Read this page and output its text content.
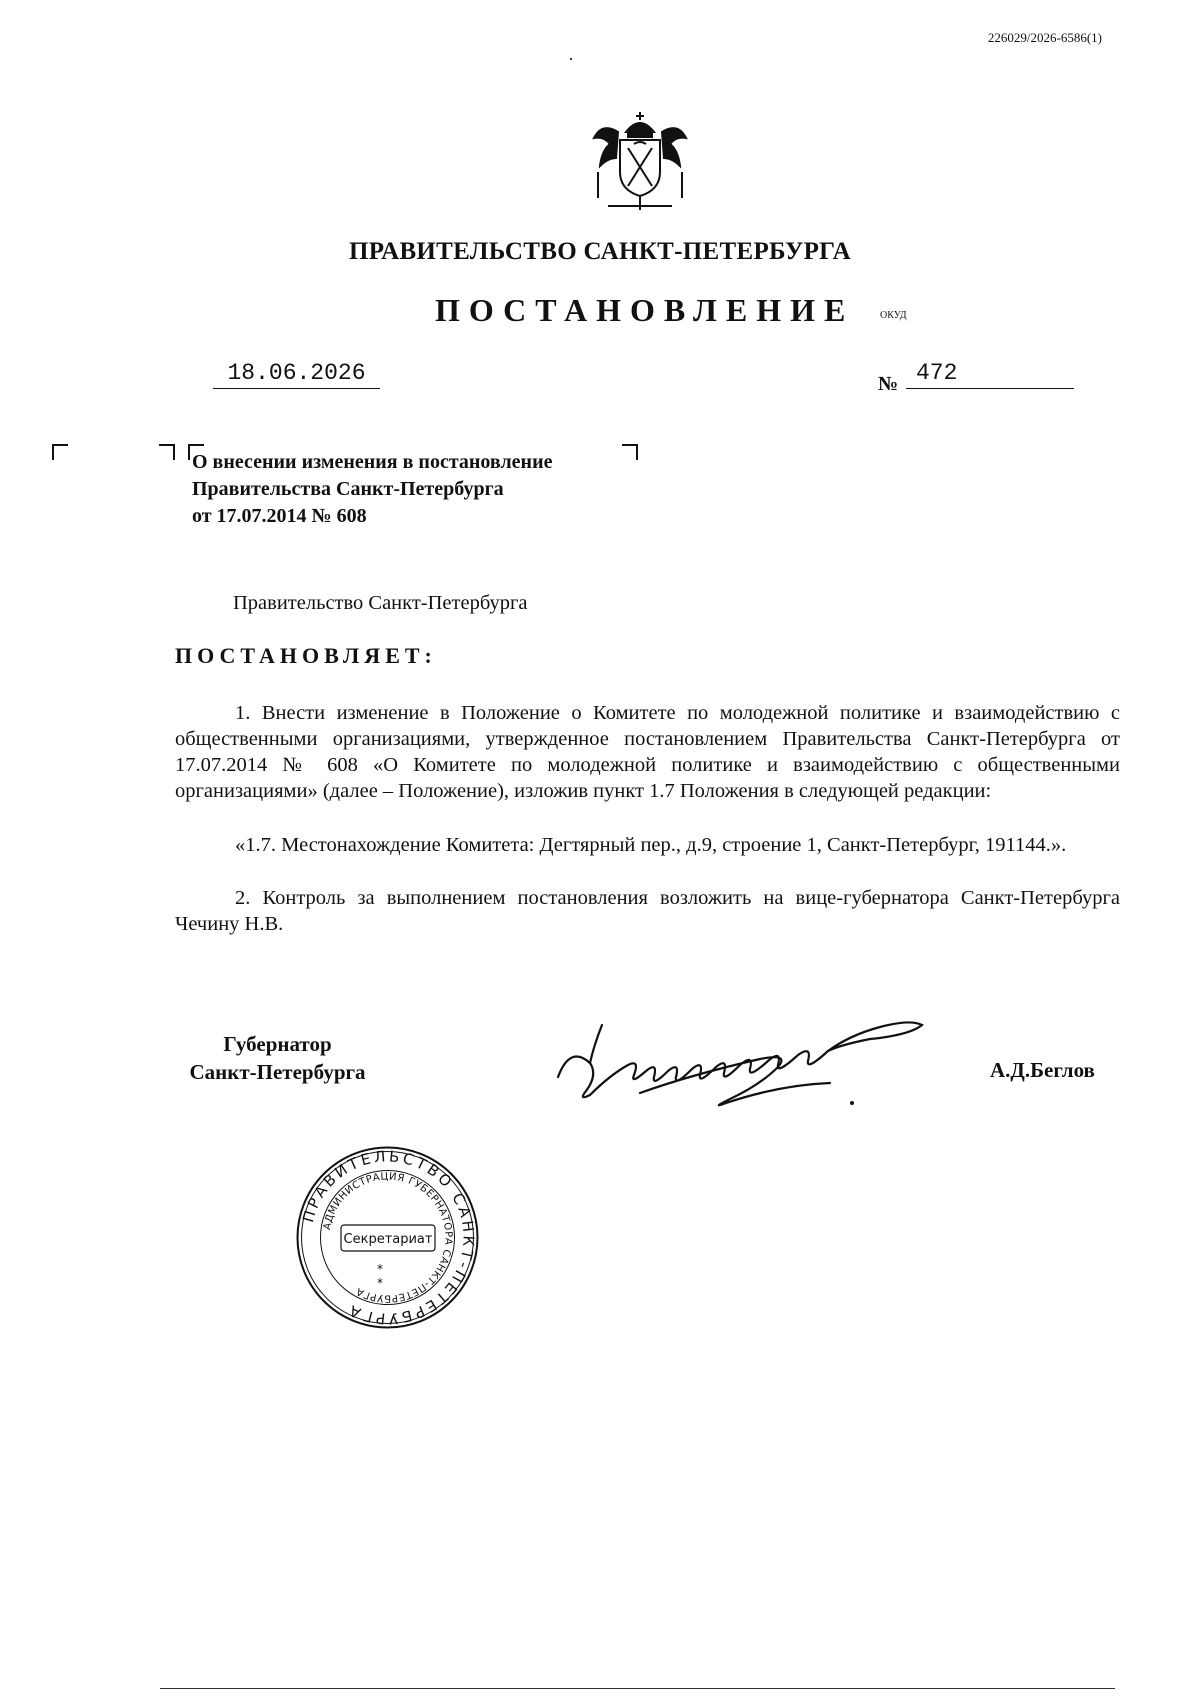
226029/2026-6586(1)
ПРАВИТЕЛЬСТВО САНКТ-ПЕТЕРБУРГА
ПОСТАНОВЛЕНИЕ	ОКУД
18.06.2026	№ 472
О внесении изменения в постановление
Правительства Санкт-Петербурга
от 17.07.2014 № 608
Правительство Санкт-Петербурга
ПОСТАНОВЛЯЕТ:
1. Внести изменение в Положение о Комитете по молодежной политике и взаимодействию с общественными организациями, утвержденное постановлением Правительства Санкт-Петербурга от 17.07.2014 № 608 «О Комитете по молодежной политике и взаимодействию с общественными организациями» (далее – Положение), изложив пункт 1.7 Положения в следующей редакции:
«1.7. Местонахождение Комитета: Дегтярный пер., д.9, строение 1, Санкт-Петербург, 191144.».
2. Контроль за выполнением постановления возложить на вице-губернатора Санкт-Петербурга Чечину Н.В.
Губернатор
Санкт-Петербурга	А.Д.Беглов
ПРАВИТЕЛЬСТВО САНКТ-ПЕТЕРБУРГА
АДМИНИСТРАЦИЯ ГУБЕРНАТОРА САНКТ-ПЕТЕРБУРГА
Секретариат
*
*
